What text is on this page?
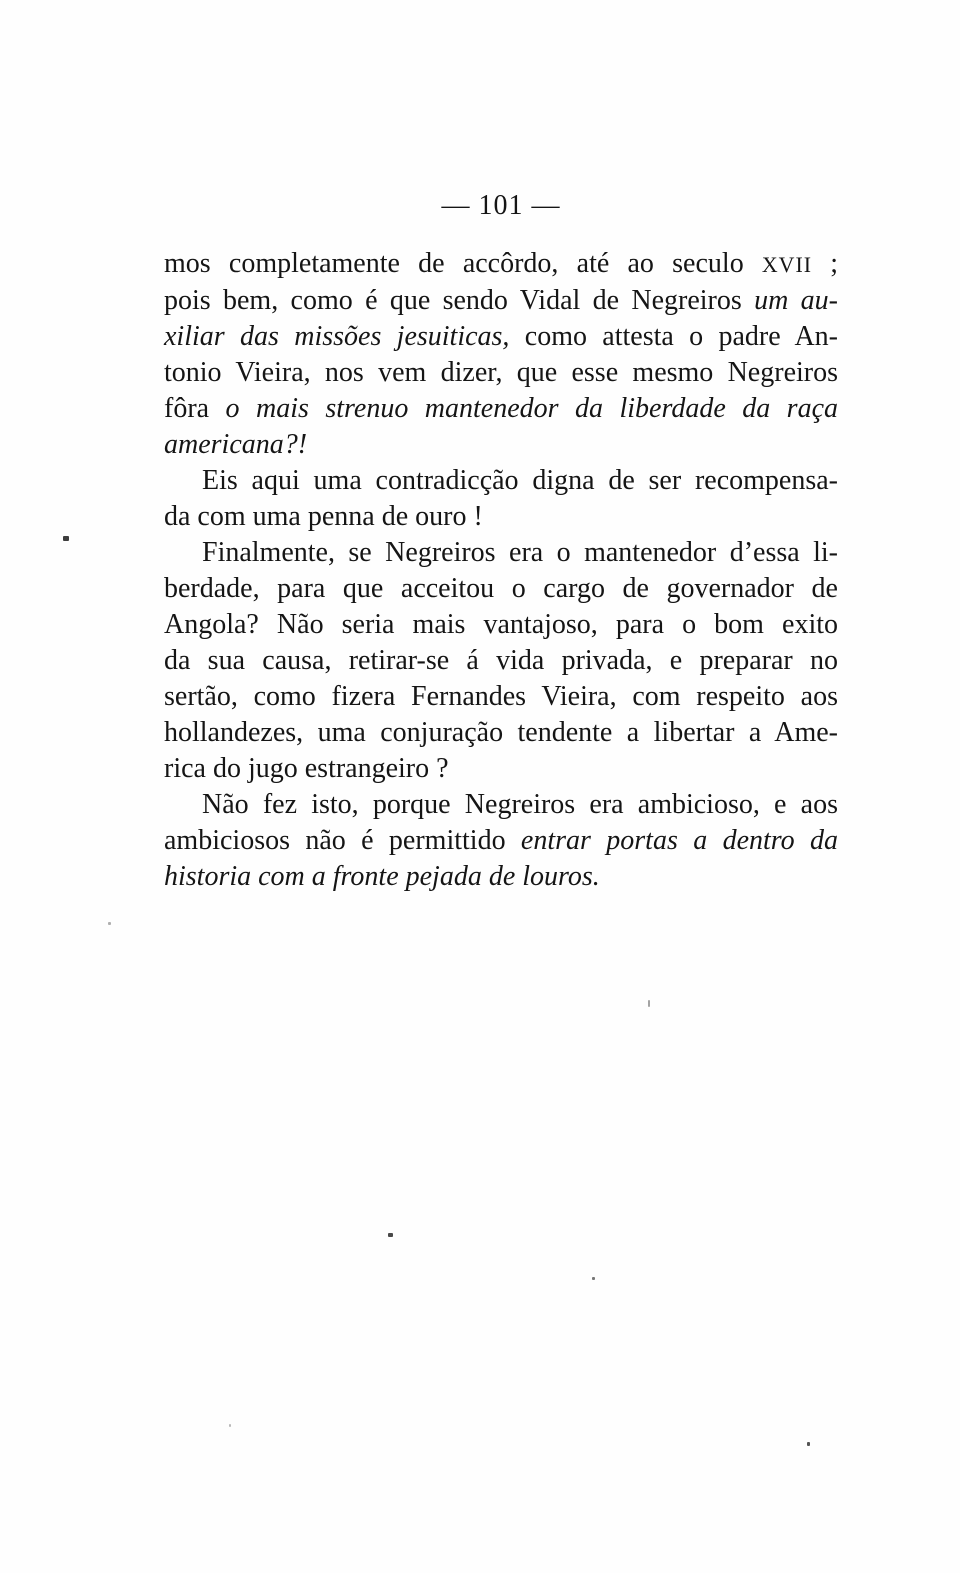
— 101 —
mos completamente de accôrdo, até ao seculo XVII ;
pois bem, como é que sendo Vidal de Negreiros um au-
xiliar das missões jesuiticas, como attesta o padre An-
tonio Vieira, nos vem dizer, que esse mesmo Negreiros
fôra o mais strenuo mantenedor da liberdade da raça
americana?!
Eis aqui uma contradicção digna de ser recompensa-
da com uma penna de ouro !
Finalmente, se Negreiros era o mantenedor d’essa li-
berdade, para que acceitou o cargo de governador de
Angola? Não seria mais vantajoso, para o bom exito
da sua causa, retirar-se á vida privada, e preparar no
sertão, como fizera Fernandes Vieira, com respeito aos
hollandezes, uma conjuração tendente a libertar a Ame-
rica do jugo estrangeiro ?
Não fez isto, porque Negreiros era ambicioso, e aos
ambiciosos não é permittido entrar portas a dentro da
historia com a fronte pejada de louros.
